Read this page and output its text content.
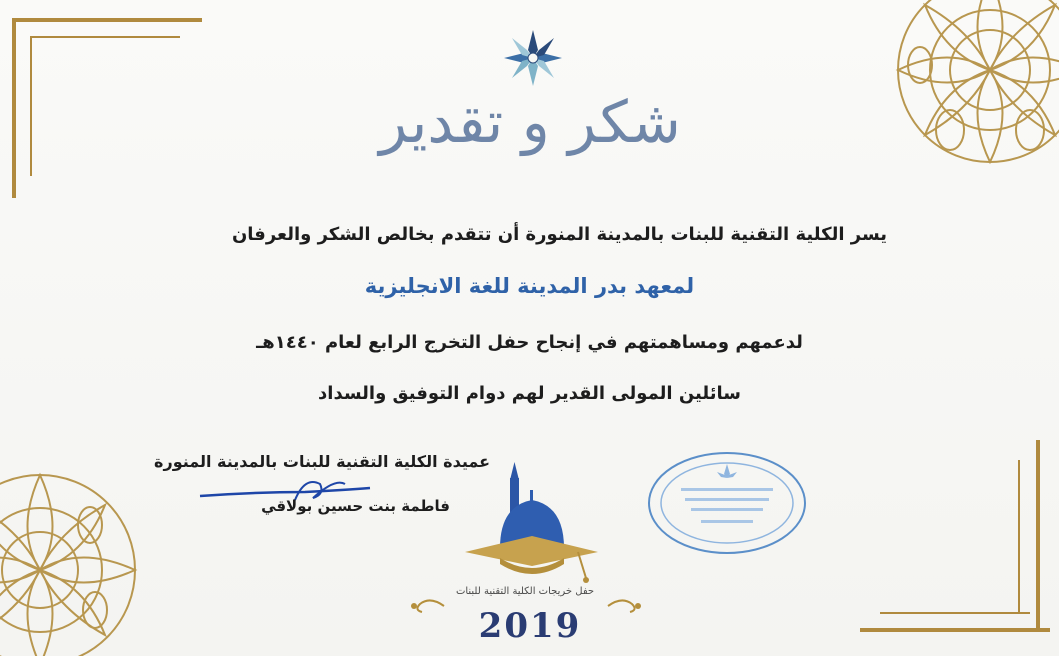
شكر و تقدير
يسر الكلية التقنية للبنات بالمدينة المنورة أن تتقدم بخالص الشكر والعرفان
لمعهد بدر المدينة للغة الانجليزية
لدعمهم ومساهمتهم في إنجاح حفل التخرج الرابع لعام ١٤٤٠هـ
سائلين المولى القدير لهم دوام التوفيق والسداد
عميدة الكلية التقنية للبنات بالمدينة المنورة
فاطمة بنت حسين بولاقي
حفل خريجات الكلية التقنية للبنات
2019
